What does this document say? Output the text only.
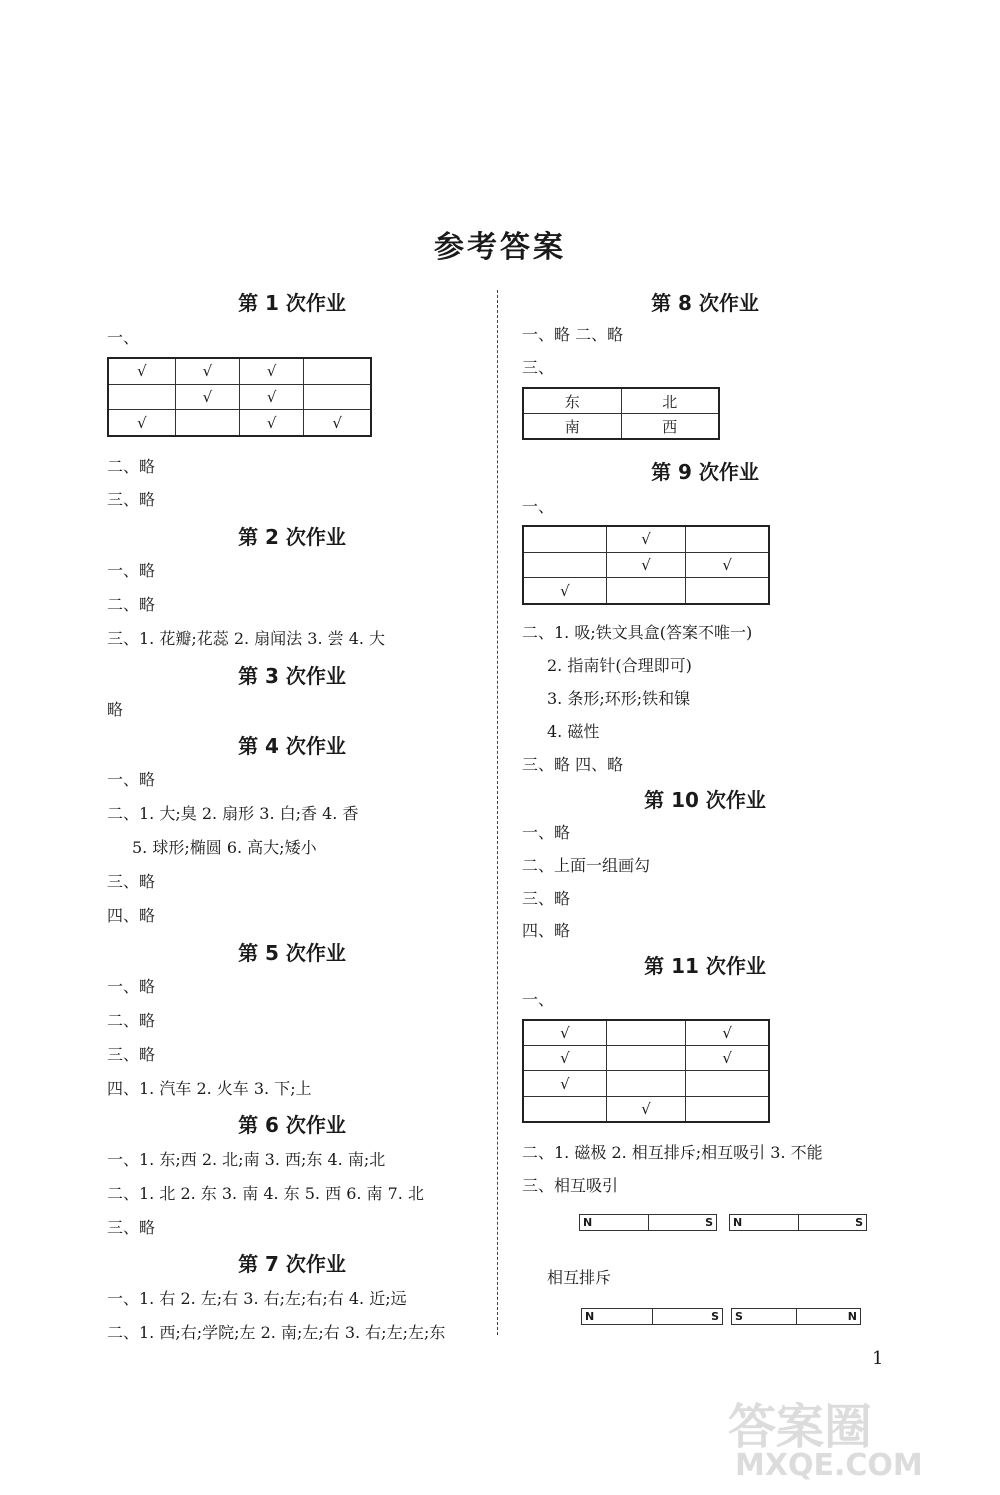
参考答案
第 1 次作业
一、
√	√	√	
	√	√	
√		√	√
二、略
三、略
第 2 次作业
一、略
二、略
三、1. 花瓣;花蕊 2. 扇闻法 3. 尝 4. 大
第 3 次作业
略
第 4 次作业
一、略
二、1. 大;臭 2. 扇形 3. 白;香 4. 香
5. 球形;椭圆 6. 高大;矮小
三、略
四、略
第 5 次作业
一、略
二、略
三、略
四、1. 汽车 2. 火车 3. 下;上
第 6 次作业
一、1. 东;西 2. 北;南 3. 西;东 4. 南;北
二、1. 北 2. 东 3. 南 4. 东 5. 西 6. 南 7. 北
三、略
第 7 次作业
一、1. 右 2. 左;右 3. 右;左;右;右 4. 近;远
二、1. 西;右;学院;左 2. 南;左;右 3. 右;左;左;东
第 8 次作业
一、略 二、略
三、
东	北
南	西
第 9 次作业
一、
	√	
	√	√
√		
二、1. 吸;铁文具盒(答案不唯一)
2. 指南针(合理即可)
3. 条形;环形;铁和镍
4. 磁性
三、略 四、略
第 10 次作业
一、略
二、上面一组画勾
三、略
四、略
第 11 次作业
一、
√		√
√		√
√		
	√	
二、1. 磁极 2. 相互排斥;相互吸引 3. 不能
三、相互吸引
N	S N	S
相互排斥
N	S S	N
1
答案圈
MXQE.COM
